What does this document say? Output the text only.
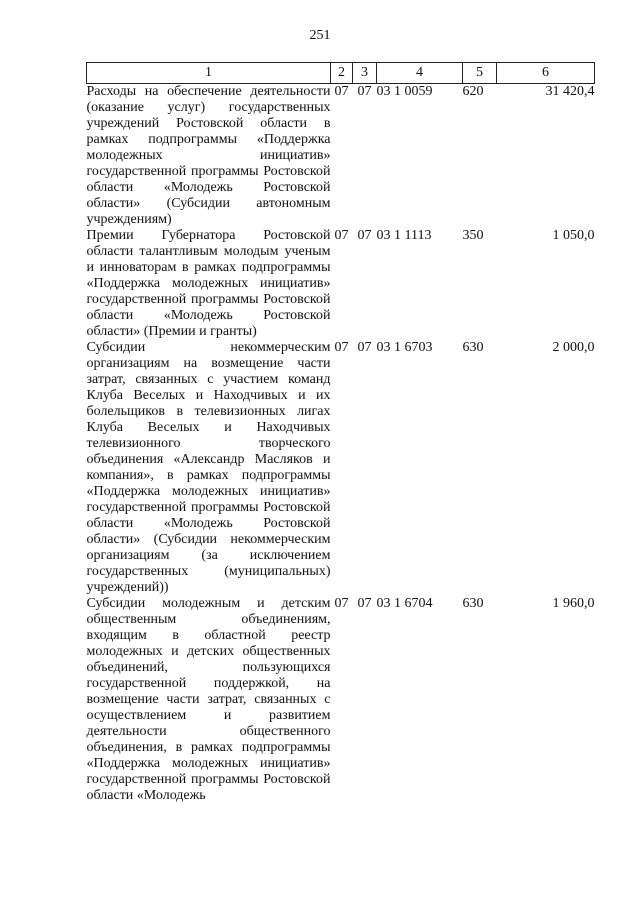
251
1	2	3	4	5	6
Расходы на обеспечение деятельности (оказание услуг) государственных учреждений Ростовской области в рамках подпрограммы «Поддержка молодежных инициатив» государственной программы Ростовской области «Молодежь Ростовской области» (Субсидии автономным учреждениям)	07	07	03 1 0059	620	31 420,4
Премии Губернатора Ростовской области талантливым молодым ученым и инноваторам в рамках подпрограммы «Поддержка молодежных инициатив» государственной программы Ростовской области «Молодежь Ростовской области» (Премии и гранты)	07	07	03 1 1113	350	1 050,0
Субсидии некоммерческим организациям на возмещение части затрат, связанных с участием команд Клуба Веселых и Находчивых и их болельщиков в телевизионных лигах Клуба Веселых и Находчивых телевизионного творческого объединения «Александр Масляков и компания», в рамках подпрограммы «Поддержка молодежных инициатив» государственной программы Ростовской области «Молодежь Ростовской области» (Субсидии некоммерческим организациям (за исключением государственных (муниципальных) учреждений))	07	07	03 1 6703	630	2 000,0
Субсидии молодежным и детским общественным объединениям, входящим в областной реестр молодежных и детских общественных объединений, пользующихся государственной поддержкой, на возмещение части затрат, связанных с осуществлением и развитием деятельности общественного объединения, в рамках подпрограммы «Поддержка молодежных инициатив» государственной программы Ростовской области «Молодежь	07	07	03 1 6704	630	1 960,0
